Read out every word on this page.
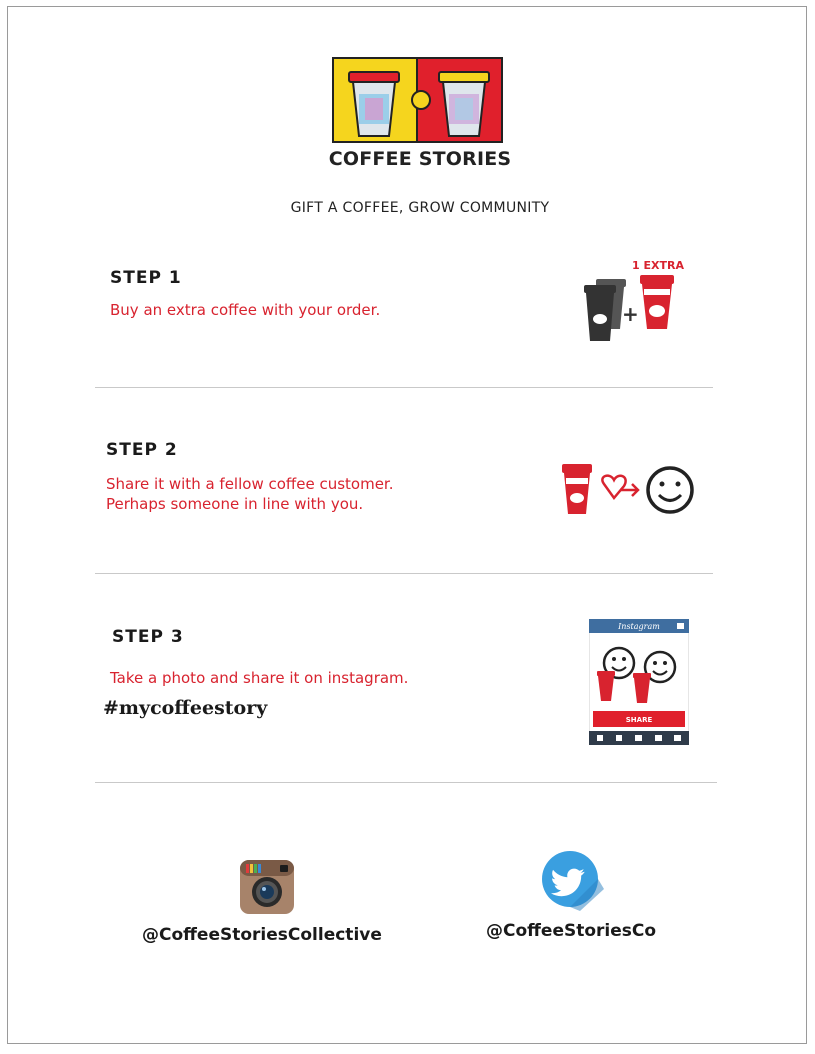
COFFEE STORIES
GIFT A COFFEE, GROW COMMUNITY
STEP 1
Buy an extra coffee with your order.
1 EXTRA
+
STEP 2
Share it with a fellow coffee customer.
Perhaps someone in line with you.
STEP 3
Take a photo and share it on instagram.
#mycoffeestory
Instagram
SHARE
@CoffeeStoriesCollective	@CoffeeStoriesCo
